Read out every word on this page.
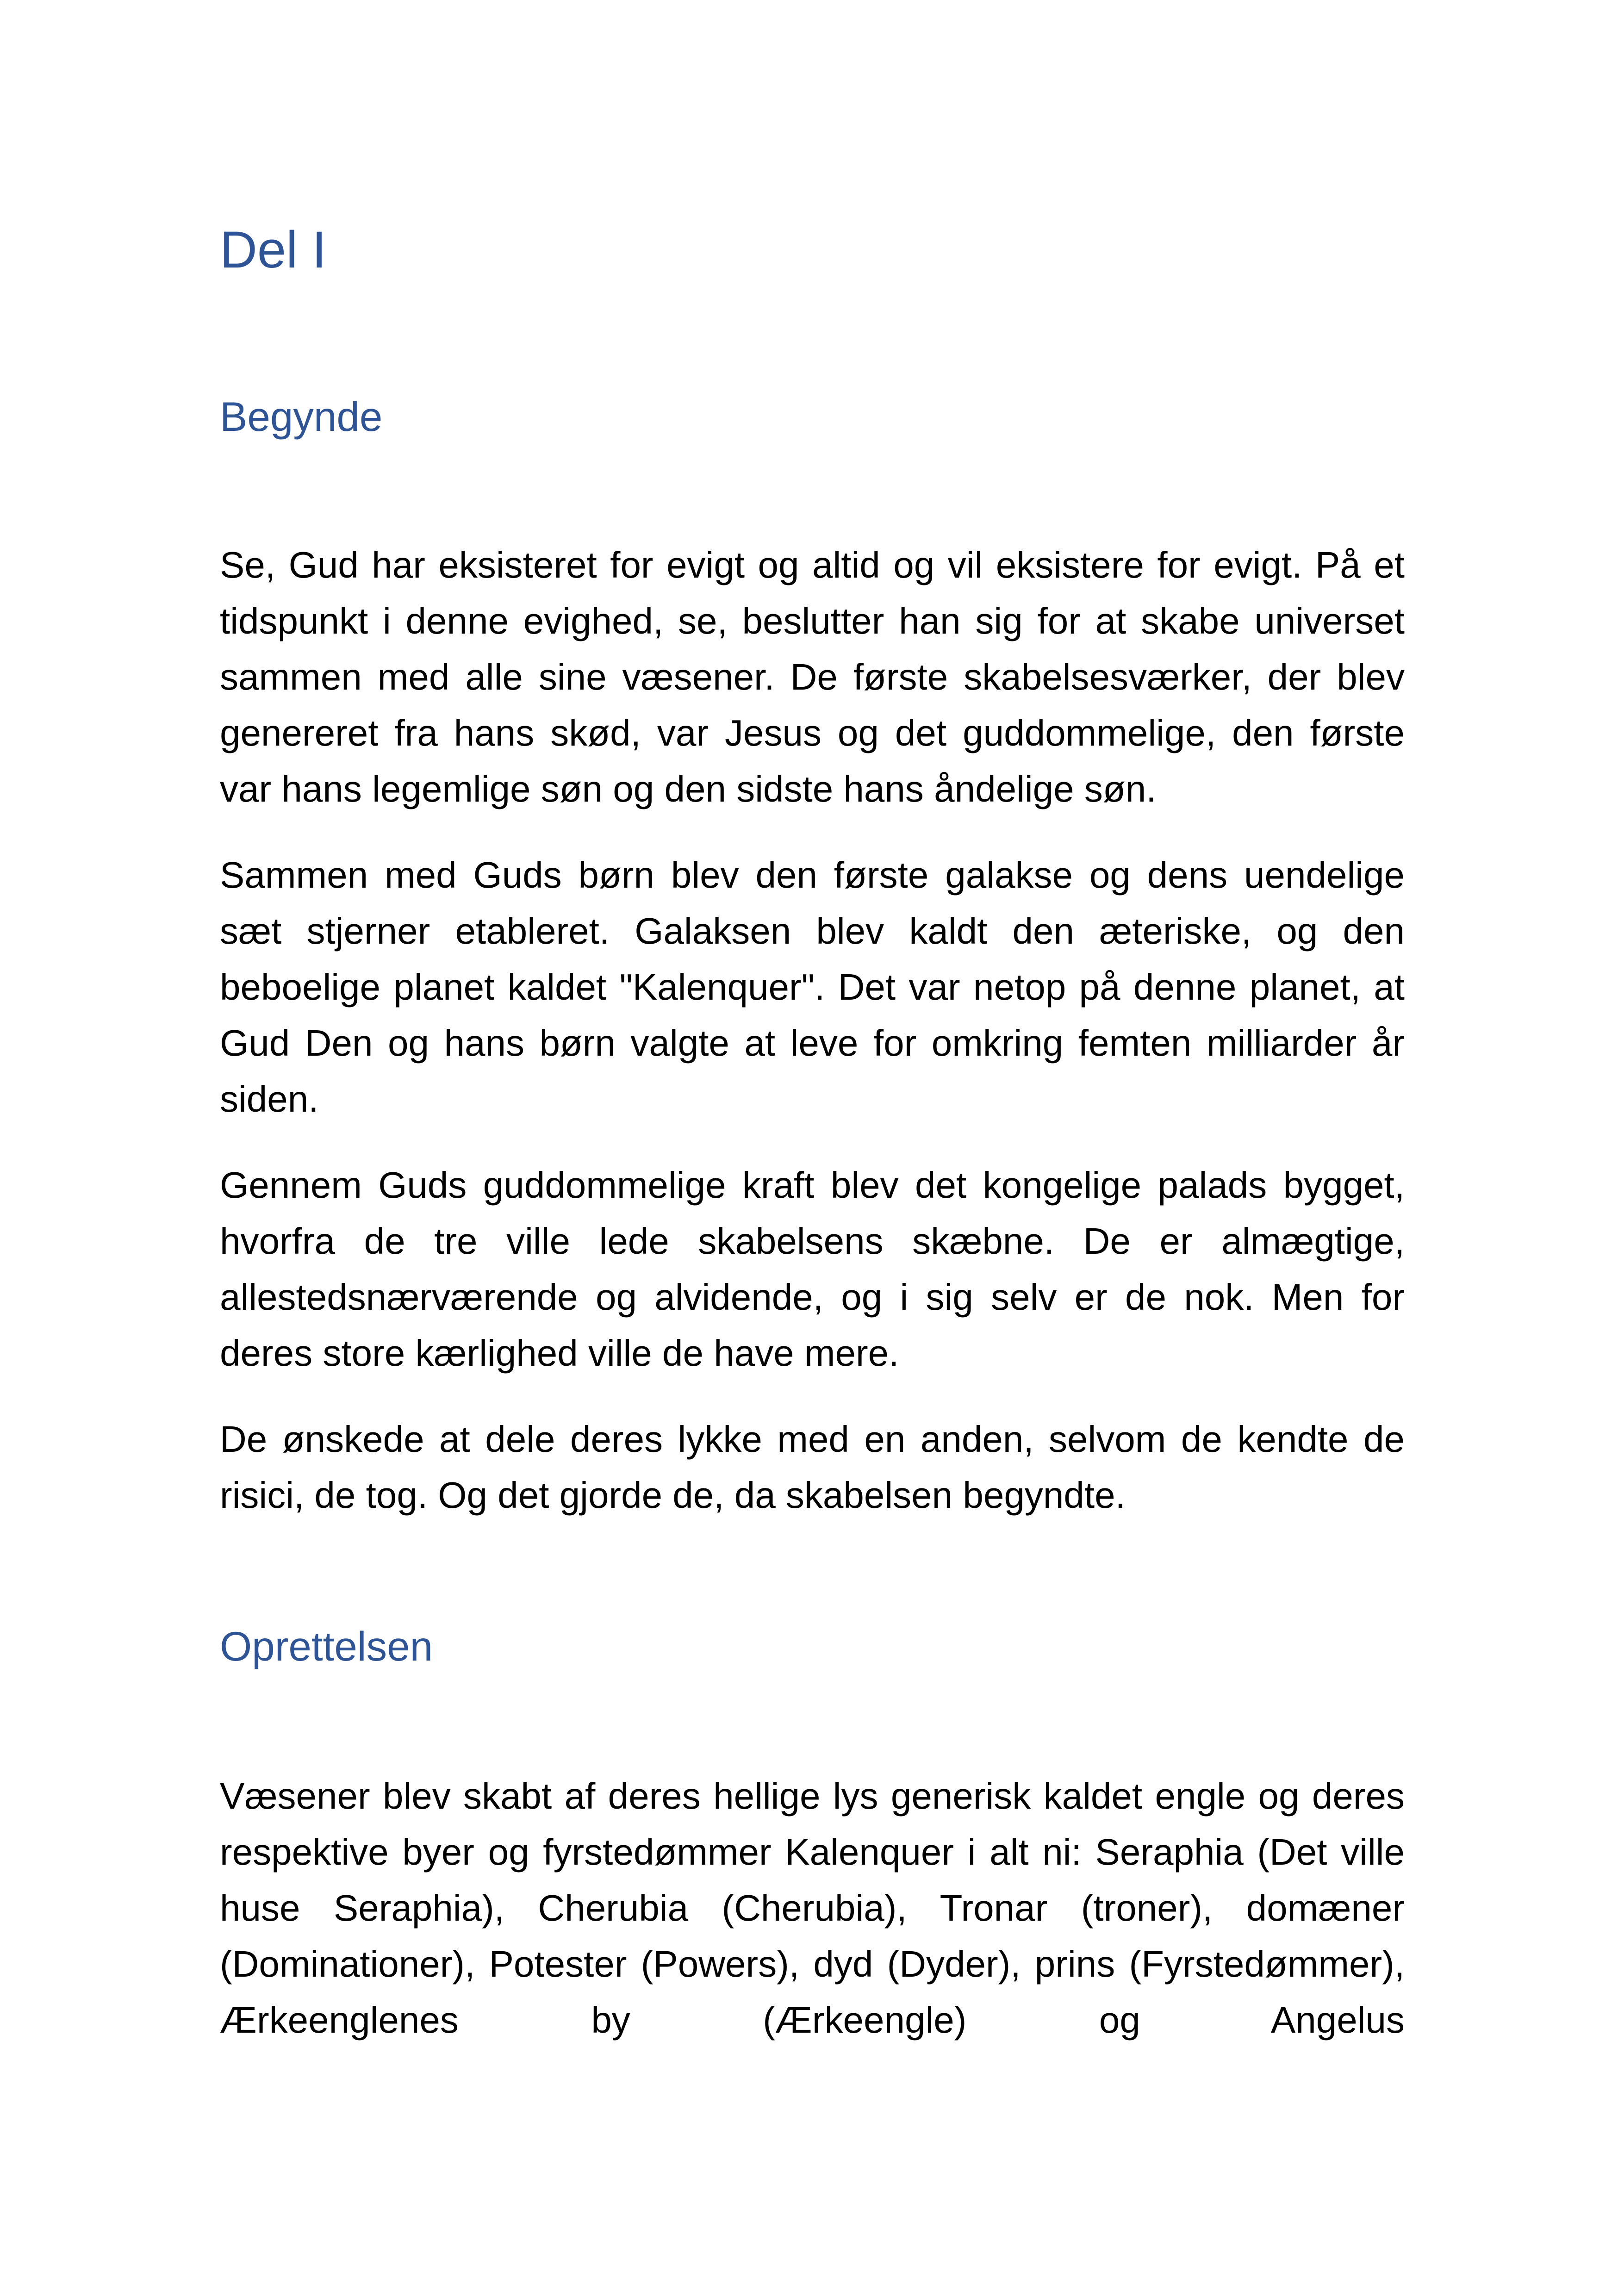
Del I
Begynde

Se, Gud har eksisteret for evigt og altid og vil eksistere for evigt. På et tidspunkt i denne evighed, se, beslutter han sig for at skabe universet sammen med alle sine væsener. De første skabelsesværker, der blev genereret fra hans skød, var Jesus og det guddommelige, den første var hans legemlige søn og den sidste hans åndelige søn.

Sammen med Guds børn blev den første galakse og dens uendelige sæt stjerner etableret. Galaksen blev kaldt den æteriske, og den beboelige planet kaldet "Kalenquer". Det var netop på denne planet, at Gud Den og hans børn valgte at leve for omkring femten milliarder år siden.

Gennem Guds guddommelige kraft blev det kongelige palads bygget, hvorfra de tre ville lede skabelsens skæbne. De er almægtige, allestedsnærværende og alvidende, og i sig selv er de nok. Men for deres store kærlighed ville de have mere.

De ønskede at dele deres lykke med en anden, selvom de kendte de risici, de tog. Og det gjorde de, da skabelsen begyndte.

Oprettelsen

Væsener blev skabt af deres hellige lys generisk kaldet engle og deres respektive byer og fyrstedømmer Kalenquer i alt ni: Seraphia (Det ville huse Seraphia), Cherubia (Cherubia), Tronar (troner), domæner (Dominationer), Potester (Powers), dyd (Dyder), prins (Fyrstedømmer), Ærkeenglenes by (Ærkeengle) og Angelus
